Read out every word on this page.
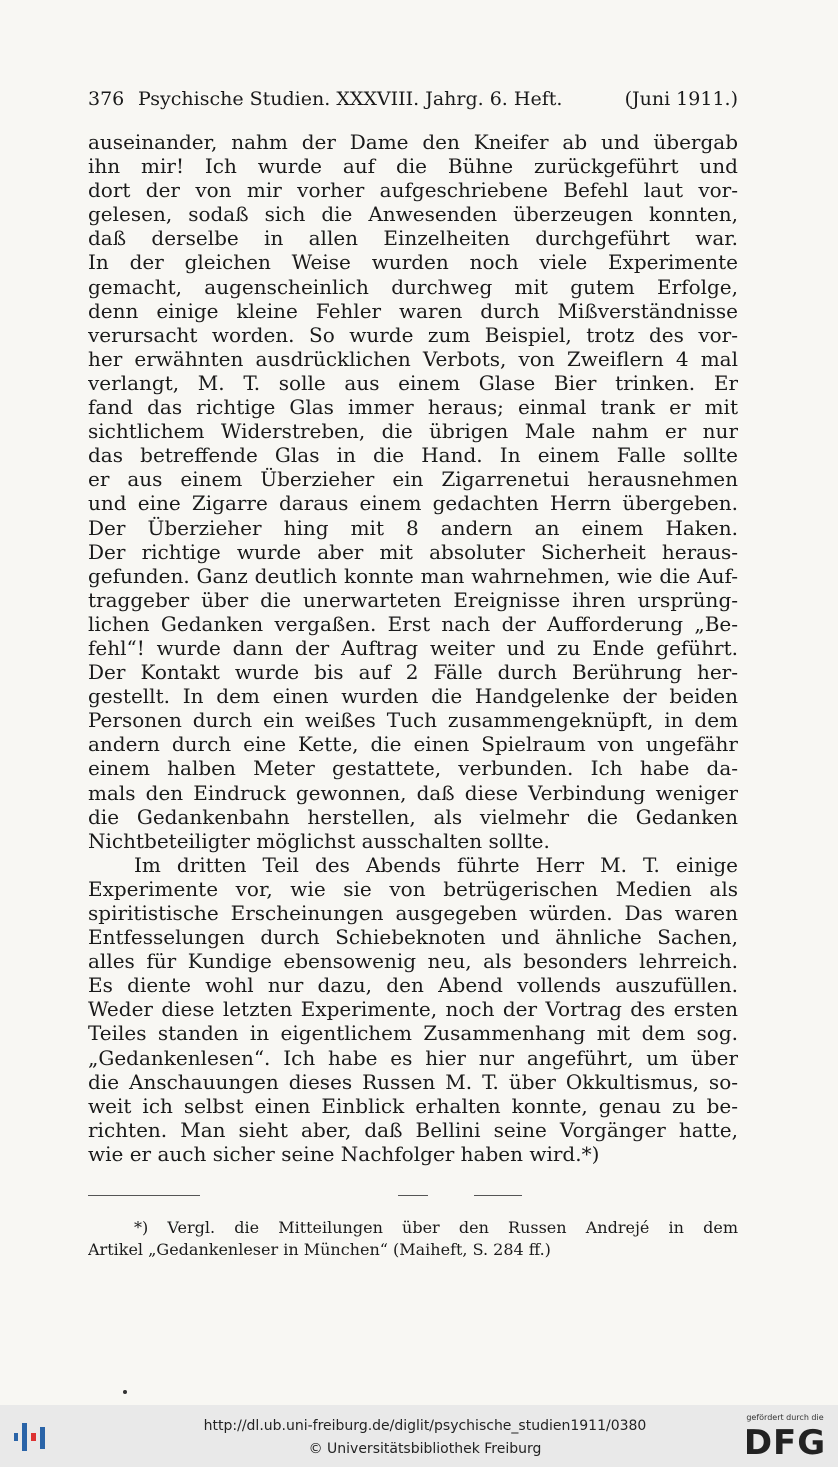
376 Psychische Studien. XXXVIII. Jahrg. 6. Heft.	(Juni 1911.)
auseinander, nahm der Dame den Kneifer ab und übergab
ihn mir! Ich wurde auf die Bühne zurückgeführt und
dort der von mir vorher aufgeschriebene Befehl laut vor-
gelesen, sodaß sich die Anwesenden überzeugen konnten,
daß derselbe in allen Einzelheiten durchgeführt war.
In der gleichen Weise wurden noch viele Experimente
gemacht, augenscheinlich durchweg mit gutem Erfolge,
denn einige kleine Fehler waren durch Mißverständnisse
verursacht worden. So wurde zum Beispiel, trotz des vor-
her erwähnten ausdrücklichen Verbots, von Zweiflern 4 mal
verlangt, M. T. solle aus einem Glase Bier trinken. Er
fand das richtige Glas immer heraus; einmal trank er mit
sichtlichem Widerstreben, die übrigen Male nahm er nur
das betreffende Glas in die Hand. In einem Falle sollte
er aus einem Überzieher ein Zigarrenetui herausnehmen
und eine Zigarre daraus einem gedachten Herrn übergeben.
Der Überzieher hing mit 8 andern an einem Haken.
Der richtige wurde aber mit absoluter Sicherheit heraus-
gefunden. Ganz deutlich konnte man wahrnehmen, wie die Auf-
traggeber über die unerwarteten Ereignisse ihren ursprüng-
lichen Gedanken vergaßen. Erst nach der Aufforderung „Be-
fehl“! wurde dann der Auftrag weiter und zu Ende geführt.
Der Kontakt wurde bis auf 2 Fälle durch Berührung her-
gestellt. In dem einen wurden die Handgelenke der beiden
Personen durch ein weißes Tuch zusammengeknüpft, in dem
andern durch eine Kette, die einen Spielraum von ungefähr
einem halben Meter gestattete, verbunden. Ich habe da-
mals den Eindruck gewonnen, daß diese Verbindung weniger
die Gedankenbahn herstellen, als vielmehr die Gedanken
Nichtbeteiligter möglichst ausschalten sollte.
Im dritten Teil des Abends führte Herr M. T. einige
Experimente vor, wie sie von betrügerischen Medien als
spiritistische Erscheinungen ausgegeben würden. Das waren
Entfesselungen durch Schiebeknoten und ähnliche Sachen,
alles für Kundige ebensowenig neu, als besonders lehrreich.
Es diente wohl nur dazu, den Abend vollends auszufüllen.
Weder diese letzten Experimente, noch der Vortrag des ersten
Teiles standen in eigentlichem Zusammenhang mit dem sog.
„Gedankenlesen“. Ich habe es hier nur angeführt, um über
die Anschauungen dieses Russen M. T. über Okkultismus, so-
weit ich selbst einen Einblick erhalten konnte, genau zu be-
richten. Man sieht aber, daß Bellini seine Vorgänger hatte,
wie er auch sicher seine Nachfolger haben wird.*)
*) Vergl. die Mitteilungen über den Russen Andrejé in dem
Artikel „Gedankenleser in München“ (Maiheft, S. 284 ff.)
http://dl.ub.uni-freiburg.de/diglit/psychische_studien1911/0380
© Universitätsbibliothek Freiburg
gefördert durch die
DFG
